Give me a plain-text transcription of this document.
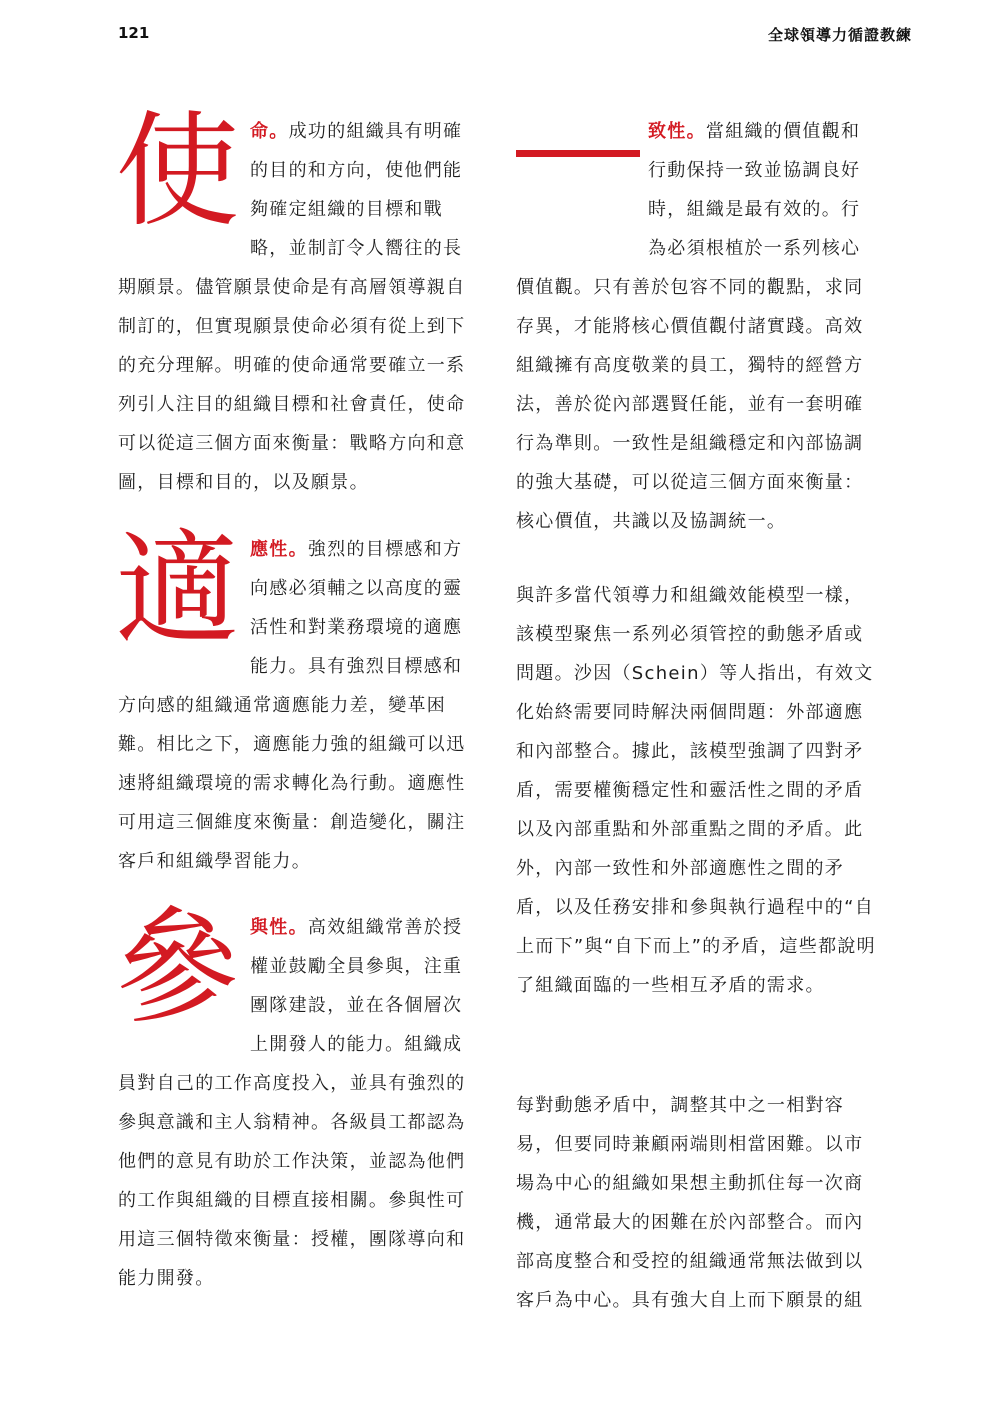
121	全球領導力循證教練

使命。成功的組織具有明確的目的和方向，使他們能夠確定組織的目標和戰略，並制訂令人嚮往的長期願景。儘管願景使命是有高層領導親自制訂的，但實現願景使命必須有從上到下的充分理解。明確的使命通常要確立一系列引人注目的組織目標和社會責任，使命可以從這三個方面來衡量：戰略方向和意圖，目標和目的，以及願景。

適應性。強烈的目標感和方向感必須輔之以高度的靈活性和對業務環境的適應能力。具有強烈目標感和方向感的組織通常適應能力差，變革困難。相比之下，適應能力強的組織可以迅速將組織環境的需求轉化為行動。適應性可用這三個維度來衡量：創造變化，關注客戶和組織學習能力。

參與性。高效組織常善於授權並鼓勵全員參與，注重團隊建設，並在各個層次上開發人的能力。組織成員對自己的工作高度投入，並具有強烈的參與意識和主人翁精神。各級員工都認為他們的意見有助於工作決策，並認為他們的工作與組織的目標直接相關。參與性可用這三個特徵來衡量：授權，團隊導向和能力開發。

致性。當組織的價值觀和行動保持一致並協調良好時，組織是最有效的。行為必須根植於一系列核心價值觀。只有善於包容不同的觀點，求同存異，才能將核心價值觀付諸實踐。高效組織擁有高度敬業的員工，獨特的經營方法，善於從內部選賢任能，並有一套明確行為準則。一致性是組織穩定和內部協調的強大基礎，可以從這三個方面來衡量：核心價值，共識以及協調統一。

與許多當代領導力和組織效能模型一樣，該模型聚焦一系列必須管控的動態矛盾或問題。沙因（Schein）等人指出，有效文化始終需要同時解決兩個問題：外部適應和內部整合。據此，該模型強調了四對矛盾，需要權衡穩定性和靈活性之間的矛盾以及內部重點和外部重點之間的矛盾。此外，內部一致性和外部適應性之間的矛盾，以及任務安排和參與執行過程中的“自上而下”與“自下而上”的矛盾，這些都說明了組織面臨的一些相互矛盾的需求。

每對動態矛盾中，調整其中之一相對容易，但要同時兼顧兩端則相當困難。以市場為中心的組織如果想主動抓住每一次商機，通常最大的困難在於內部整合。而內部高度整合和受控的組織通常無法做到以客戶為中心。具有強大自上而下願景的組
